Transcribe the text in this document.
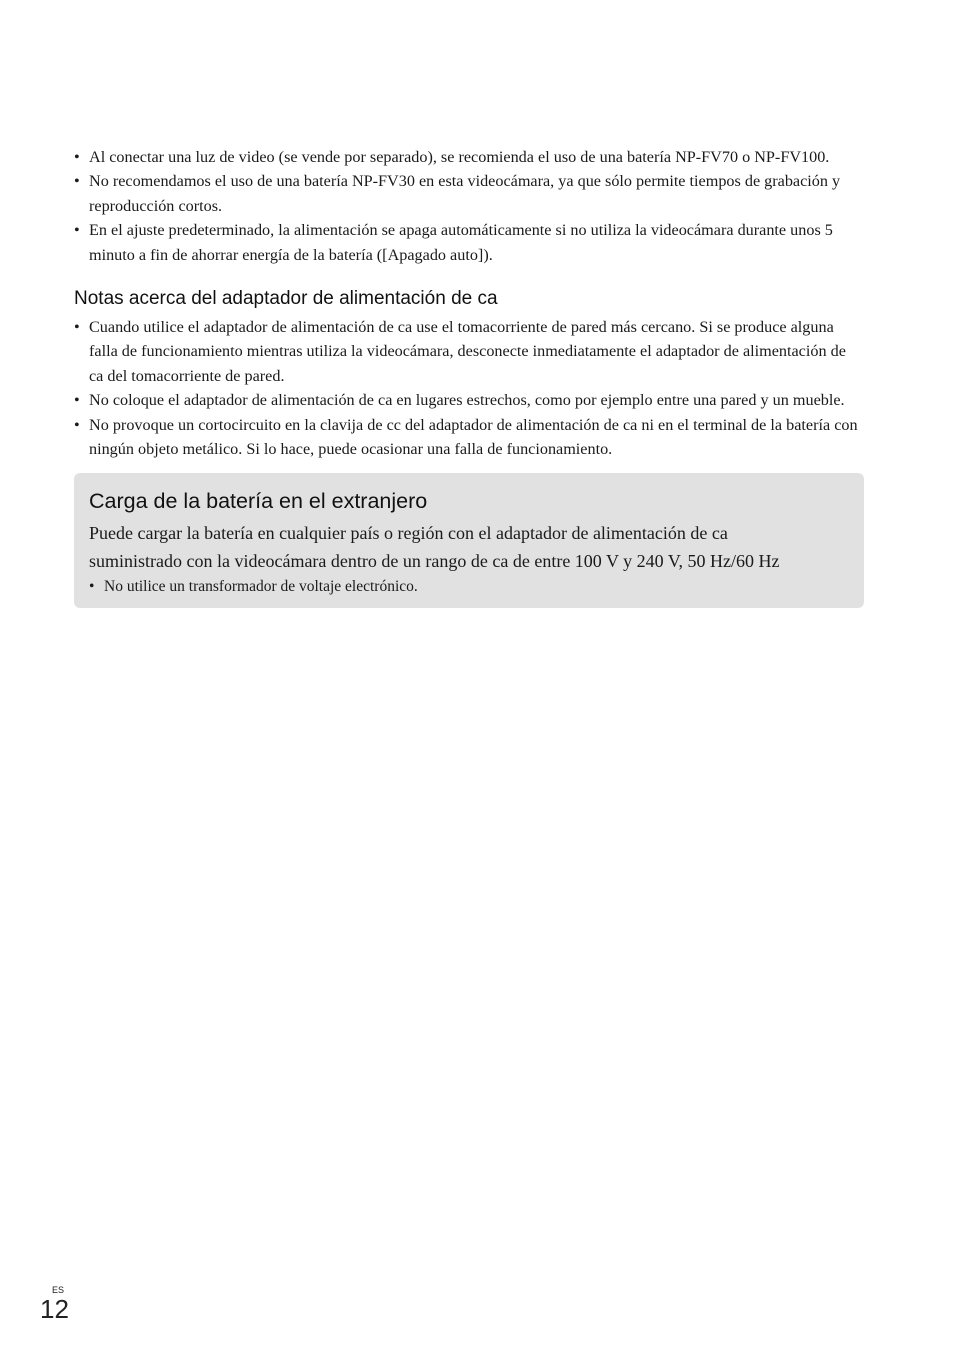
• Al conectar una luz de video (se vende por separado), se recomienda el uso de una batería NP-FV70 o NP-FV100.
• No recomendamos el uso de una batería NP-FV30 en esta videocámara, ya que sólo permite tiempos de grabación y reproducción cortos.
• En el ajuste predeterminado, la alimentación se apaga automáticamente si no utiliza la videocámara durante unos 5 minuto a fin de ahorrar energía de la batería ([Apagado auto]).
Notas acerca del adaptador de alimentación de ca
• Cuando utilice el adaptador de alimentación de ca use el tomacorriente de pared más cercano. Si se produce alguna falla de funcionamiento mientras utiliza la videocámara, desconecte inmediatamente el adaptador de alimentación de ca del tomacorriente de pared.
• No coloque el adaptador de alimentación de ca en lugares estrechos, como por ejemplo entre una pared y un mueble.
• No provoque un cortocircuito en la clavija de cc del adaptador de alimentación de ca ni en el terminal de la batería con ningún objeto metálico. Si lo hace, puede ocasionar una falla de funcionamiento.
Carga de la batería en el extranjero

Puede cargar la batería en cualquier país o región con el adaptador de alimentación de ca suministrado con la videocámara dentro de un rango de ca de entre 100 V y 240 V, 50 Hz/60 Hz

• No utilice un transformador de voltaje electrónico.
ES
12
